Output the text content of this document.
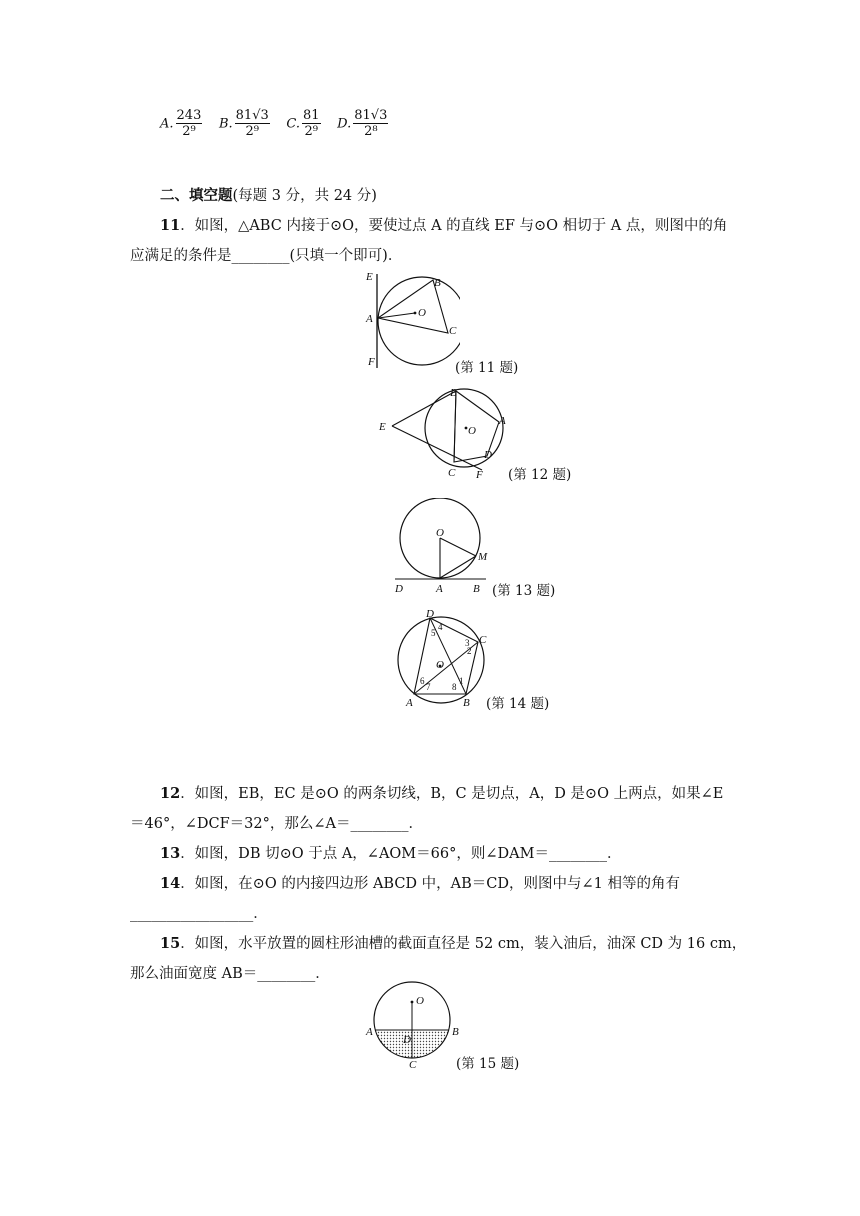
A. $\frac{243}{\text{2⁹}} B$. $\frac{81√3}{\text{2⁹}} C$. $\frac{81}{\text{2⁹}} D$. $\frac{81√3}{\text{2⁸}}$
二、填空题(每题 3 分，共 24 分)
11．如图，△ABC 内接于⊙O，要使过点 A 的直线 EF 与⊙O 相切于 A 点，则图中的角
应满足的条件是________(只填一个即可)．
E
A
F
B
C
O
(第 11 题)
B
E	A
O
C
D
F (第 12 题)
O
M
D	A	B (第 13 题)
D
C
A	B
O
1
2
3
4
5
6
7 8
(第 14 题)
12．如图，EB，EC 是⊙O 的两条切线，B，C 是切点，A，D 是⊙O 上两点，如果∠E
＝46°，∠DCF＝32°，那么∠A＝________．
13．如图，DB 切⊙O 于点 A，∠AOM＝66°，则∠DAM＝________．
14．如图，在⊙O 的内接四边形 ABCD 中，AB＝CD，则图中与∠1 相等的角有
_________________．
15．如图，水平放置的圆柱形油槽的截面直径是 52 cm，装入油后，油深 CD 为 16 cm，
那么油面宽度 AB＝________．
O
A	B
D
C	(第 15 题)
